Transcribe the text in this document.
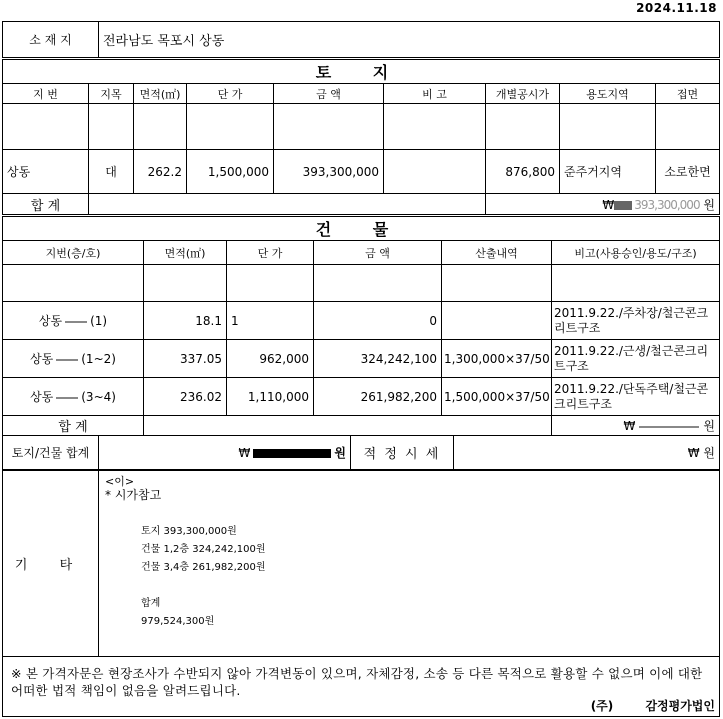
2024.11.18
소 재 지	전라남도 목포시 상동
토 지								
지 번	지목	면적(㎡)	단 가	금 액	비 고	개별공시가	용도지역	접면

상동	대	262.2	1,500,000	393,300,000		876,800	준주거지역	소로한면
합 계						₩ 393,300,000 원		
건 물					
지번(층/호)	면적(㎡)	단 가	금 액	산출내역	비고(사용승인/용도/구조)

상동 (1)	18.1	1	0		2011.9.22./주차장/철근콘크리트구조
상동 (1~2)	337.05	962,000	324,242,100	1,300,000×37/50	2011.9.22./근생/철근콘크리트구조
상동 (3~4)	236.02	1,110,000	261,982,200	1,500,000×37/50	2011.9.22./단독주택/철근콘크리트구조
합 계					₩ 원
토지/건물 합계	₩	원	적 정 시 세	₩ 원
기 타	
<이>
* 시가참고
토지 393,300,000원
건물 1,2층 324,242,100원
건물 3,4층 261,982,200원
합계
979,524,300원
※ 본 가격자문은 현장조사가 수반되지 않아 가격변동이 있으며, 자체감정, 소송 등 다른 목적으로 활용할 수 없으며 이에 대한 어떠한 법적 책임이 없음을 알려드립니다.
(주)	감정평가법인
